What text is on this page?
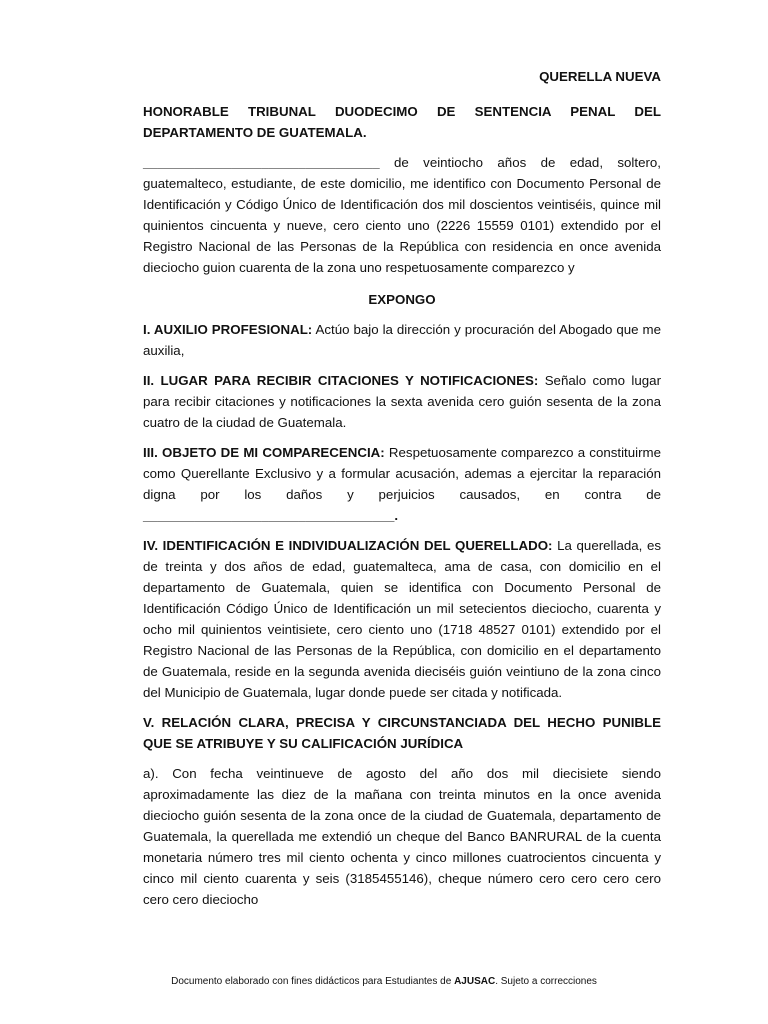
QUERELLA NUEVA

HONORABLE TRIBUNAL DUODECIMO DE SENTENCIA PENAL DEL DEPARTAMENTO DE GUATEMALA.

________________________________ de veintiocho años de edad, soltero, guatemalteco, estudiante, de este domicilio, me identifico con Documento Personal de Identificación y Código Único de Identificación dos mil doscientos veintiséis, quince mil quinientos cincuenta y nueve, cero ciento uno (2226 15559 0101) extendido por el Registro Nacional de las Personas de la República con residencia en once avenida dieciocho guion cuarenta de la zona uno respetuosamente comparezco y

EXPONGO

I. AUXILIO PROFESIONAL: Actúo bajo la dirección y procuración del Abogado que me auxilia,

II. LUGAR PARA RECIBIR CITACIONES Y NOTIFICACIONES: Señalo como lugar para recibir citaciones y notificaciones la sexta avenida cero guión sesenta de la zona cuatro de la ciudad de Guatemala.

III. OBJETO DE MI COMPARECENCIA: Respetuosamente comparezco a constituirme como Querellante Exclusivo y a formular acusación, ademas a ejercitar la reparación digna por los daños y perjuicios causados, en contra de __________________________________.

IV. IDENTIFICACIÓN E INDIVIDUALIZACIÓN DEL QUERELLADO: La querellada, es de treinta y dos años de edad, guatemalteca, ama de casa, con domicilio en el departamento de Guatemala, quien se identifica con Documento Personal de Identificación Código Único de Identificación un mil setecientos dieciocho, cuarenta y ocho mil quinientos veintisiete, cero ciento uno (1718 48527 0101) extendido por el Registro Nacional de las Personas de la República, con domicilio en el departamento de Guatemala, reside en la segunda avenida dieciséis guión veintiuno de la zona cinco del Municipio de Guatemala, lugar donde puede ser citada y notificada.

V. RELACIÓN CLARA, PRECISA Y CIRCUNSTANCIADA DEL HECHO PUNIBLE QUE SE ATRIBUYE Y SU CALIFICACIÓN JURÍDICA

a). Con fecha veintinueve de agosto del año dos mil diecisiete siendo aproximadamente las diez de la mañana con treinta minutos en la once avenida dieciocho guión sesenta de la zona once de la ciudad de Guatemala, departamento de Guatemala, la querellada me extendió un cheque del Banco BANRURAL de la cuenta monetaria número tres mil ciento ochenta y cinco millones cuatrocientos cincuenta y cinco mil ciento cuarenta y seis (3185455146), cheque número cero cero cero cero cero cero dieciocho

Documento elaborado con fines didácticos para Estudiantes de AJUSAC. Sujeto a correcciones
